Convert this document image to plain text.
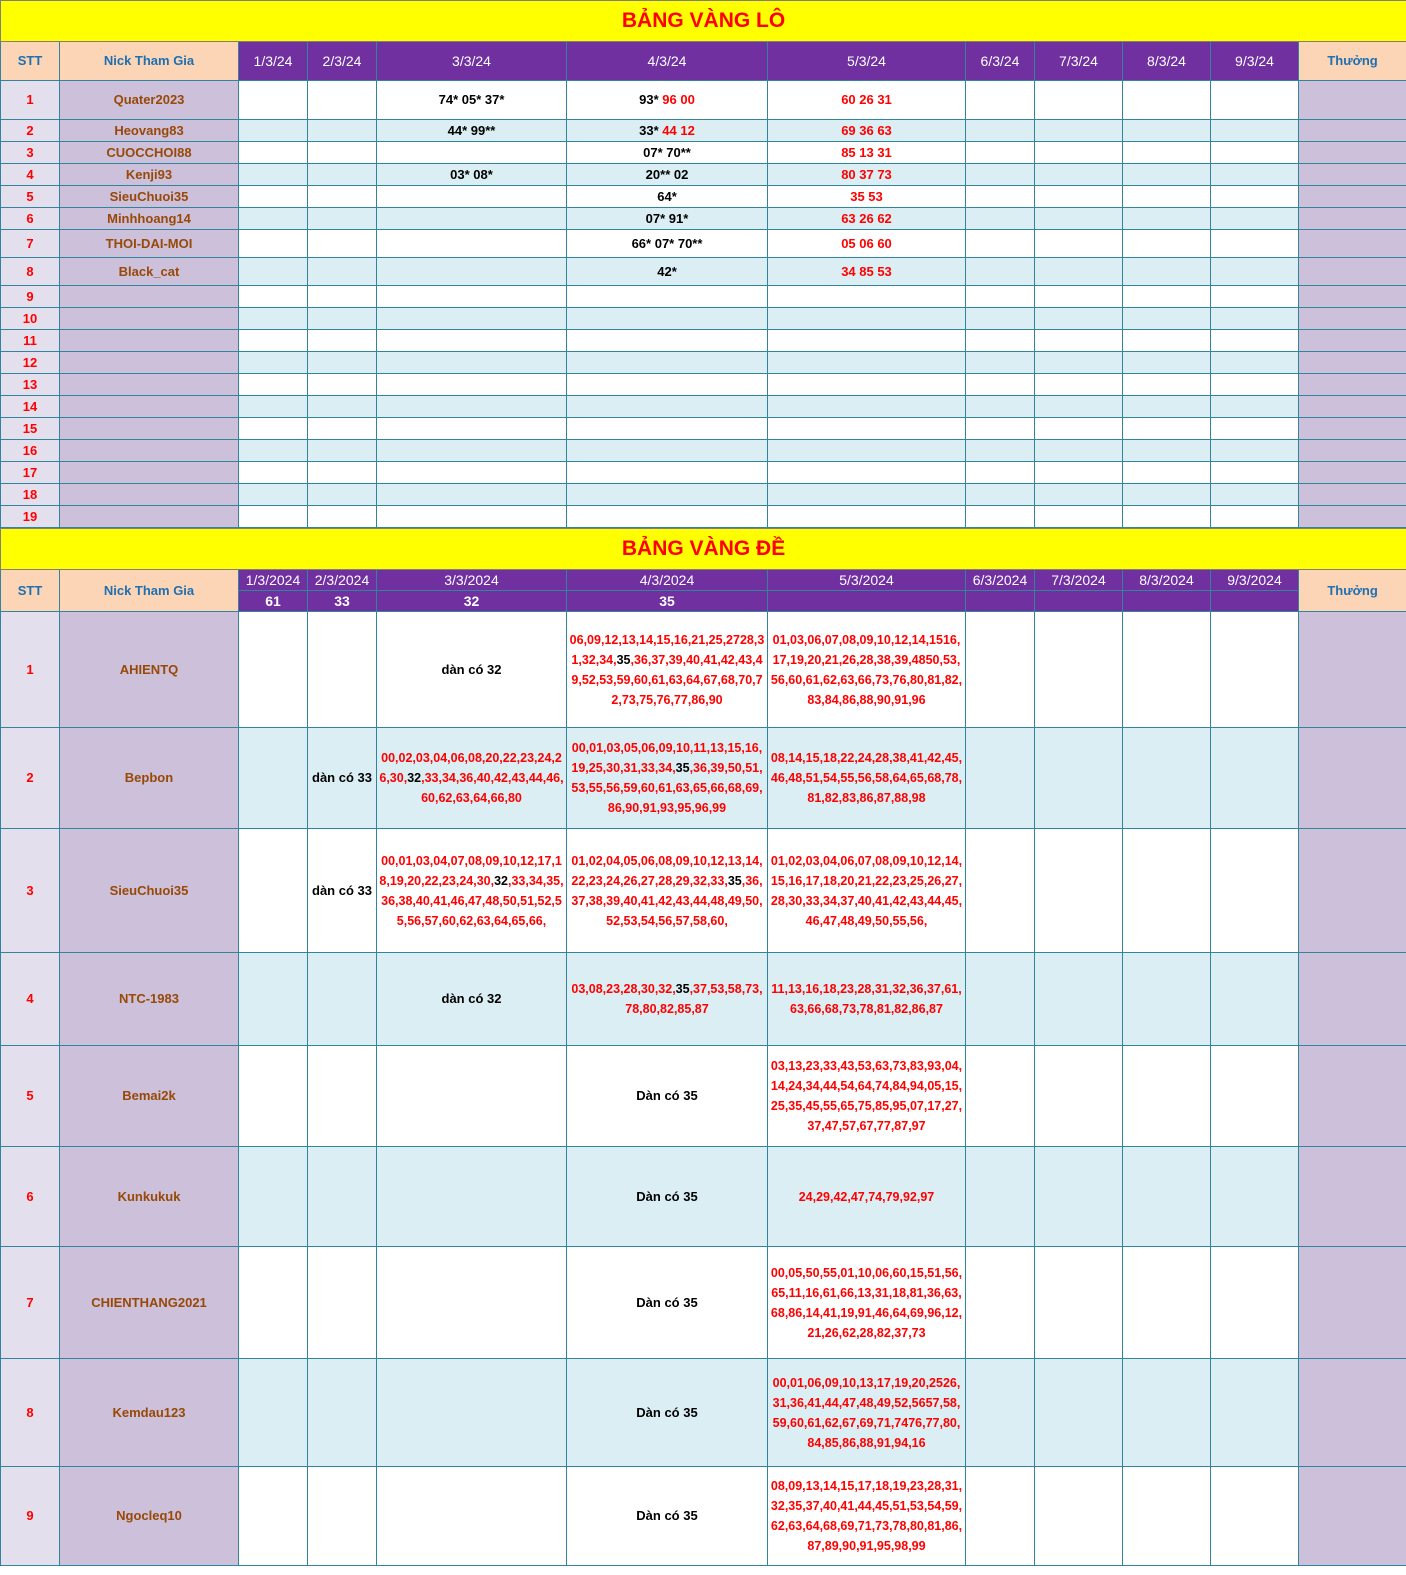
BẢNG VÀNG LÔ											
STT	Nick Tham Gia	1/3/24	2/3/24	3/3/24	4/3/24	5/3/24	6/3/24	7/3/24	8/3/24	9/3/24	Thưởng
1	Quater2023			74* 05* 37*	93* 96 00	60 26 31					
2	Heovang83			44* 99**	33* 44 12	69 36 63					
3	CUOCCHOI88				07* 70**	85 13 31					
4	Kenji93			03* 08*	20** 02	80 37 73					
5	SieuChuoi35				64*	35 53					
6	Minhhoang14				07* 91*	63 26 62					
7	THOI-DAI-MOI				66* 07* 70**	05 06 60					
8	Black_cat				42*	34 85 53					
9											
10											
11											
12											
13											
14											
15											
16											
17											
18											
19											
BẢNG VÀNG ĐỀ											
STT	Nick Tham Gia	1/3/2024	2/3/2024	3/3/2024	4/3/2024	5/3/2024	6/3/2024	7/3/2024	8/3/2024	9/3/2024	Thưởng
		61	33	32	35						
1	AHIENTQ			dàn có 32	06,09,12,13,14,15,16,21,25,2728,31,32,34,35,36,37,39,40,41,42,43,49,52,53,59,60,61,63,64,67,68,70,72,73,75,76,77,86,90	01,03,06,07,08,09,10,12,14,1516,17,19,20,21,26,28,38,39,4850,53,56,60,61,62,63,66,73,76,80,81,82,83,84,86,88,90,91,96					
2	Bepbon		dàn có 33	00,02,03,04,06,08,20,22,23,24,26,30,32,33,34,36,40,42,43,44,46,60,62,63,64,66,80	00,01,03,05,06,09,10,11,13,15,16,19,25,30,31,33,34,35,36,39,50,51,53,55,56,59,60,61,63,65,66,68,69,86,90,91,93,95,96,99	08,14,15,18,22,24,28,38,41,42,45,46,48,51,54,55,56,58,64,65,68,78,81,82,83,86,87,88,98					
3	SieuChuoi35		dàn có 33	00,01,03,04,07,08,09,10,12,17,18,19,20,22,23,24,30,32,33,34,35,36,38,40,41,46,47,48,50,51,52,55,56,57,60,62,63,64,65,66,	01,02,04,05,06,08,09,10,12,13,14,22,23,24,26,27,28,29,32,33,35,36,37,38,39,40,41,42,43,44,48,49,50,52,53,54,56,57,58,60,	01,02,03,04,06,07,08,09,10,12,14,15,16,17,18,20,21,22,23,25,26,27,28,30,33,34,37,40,41,42,43,44,45,46,47,48,49,50,55,56,					
4	NTC-1983			dàn có 32	03,08,23,28,30,32,35,37,53,58,73,78,80,82,85,87	11,13,16,18,23,28,31,32,36,37,61,63,66,68,73,78,81,82,86,87					
5	Bemai2k				Dàn có 35	03,13,23,33,43,53,63,73,83,93,04,14,24,34,44,54,64,74,84,94,05,15,25,35,45,55,65,75,85,95,07,17,27,37,47,57,67,77,87,97					
6	Kunkukuk				Dàn có 35	24,29,42,47,74,79,92,97					
7	CHIENTHANG2021				Dàn có 35	00,05,50,55,01,10,06,60,15,51,56,65,11,16,61,66,13,31,18,81,36,63,68,86,14,41,19,91,46,64,69,96,12,21,26,62,28,82,37,73					
8	Kemdau123				Dàn có 35	00,01,06,09,10,13,17,19,20,2526,31,36,41,44,47,48,49,52,5657,58,59,60,61,62,67,69,71,7476,77,80,84,85,86,88,91,94,16					
9	Ngocleq10				Dàn có 35	08,09,13,14,15,17,18,19,23,28,31,32,35,37,40,41,44,45,51,53,54,59,62,63,64,68,69,71,73,78,80,81,86,87,89,90,91,95,98,99					
